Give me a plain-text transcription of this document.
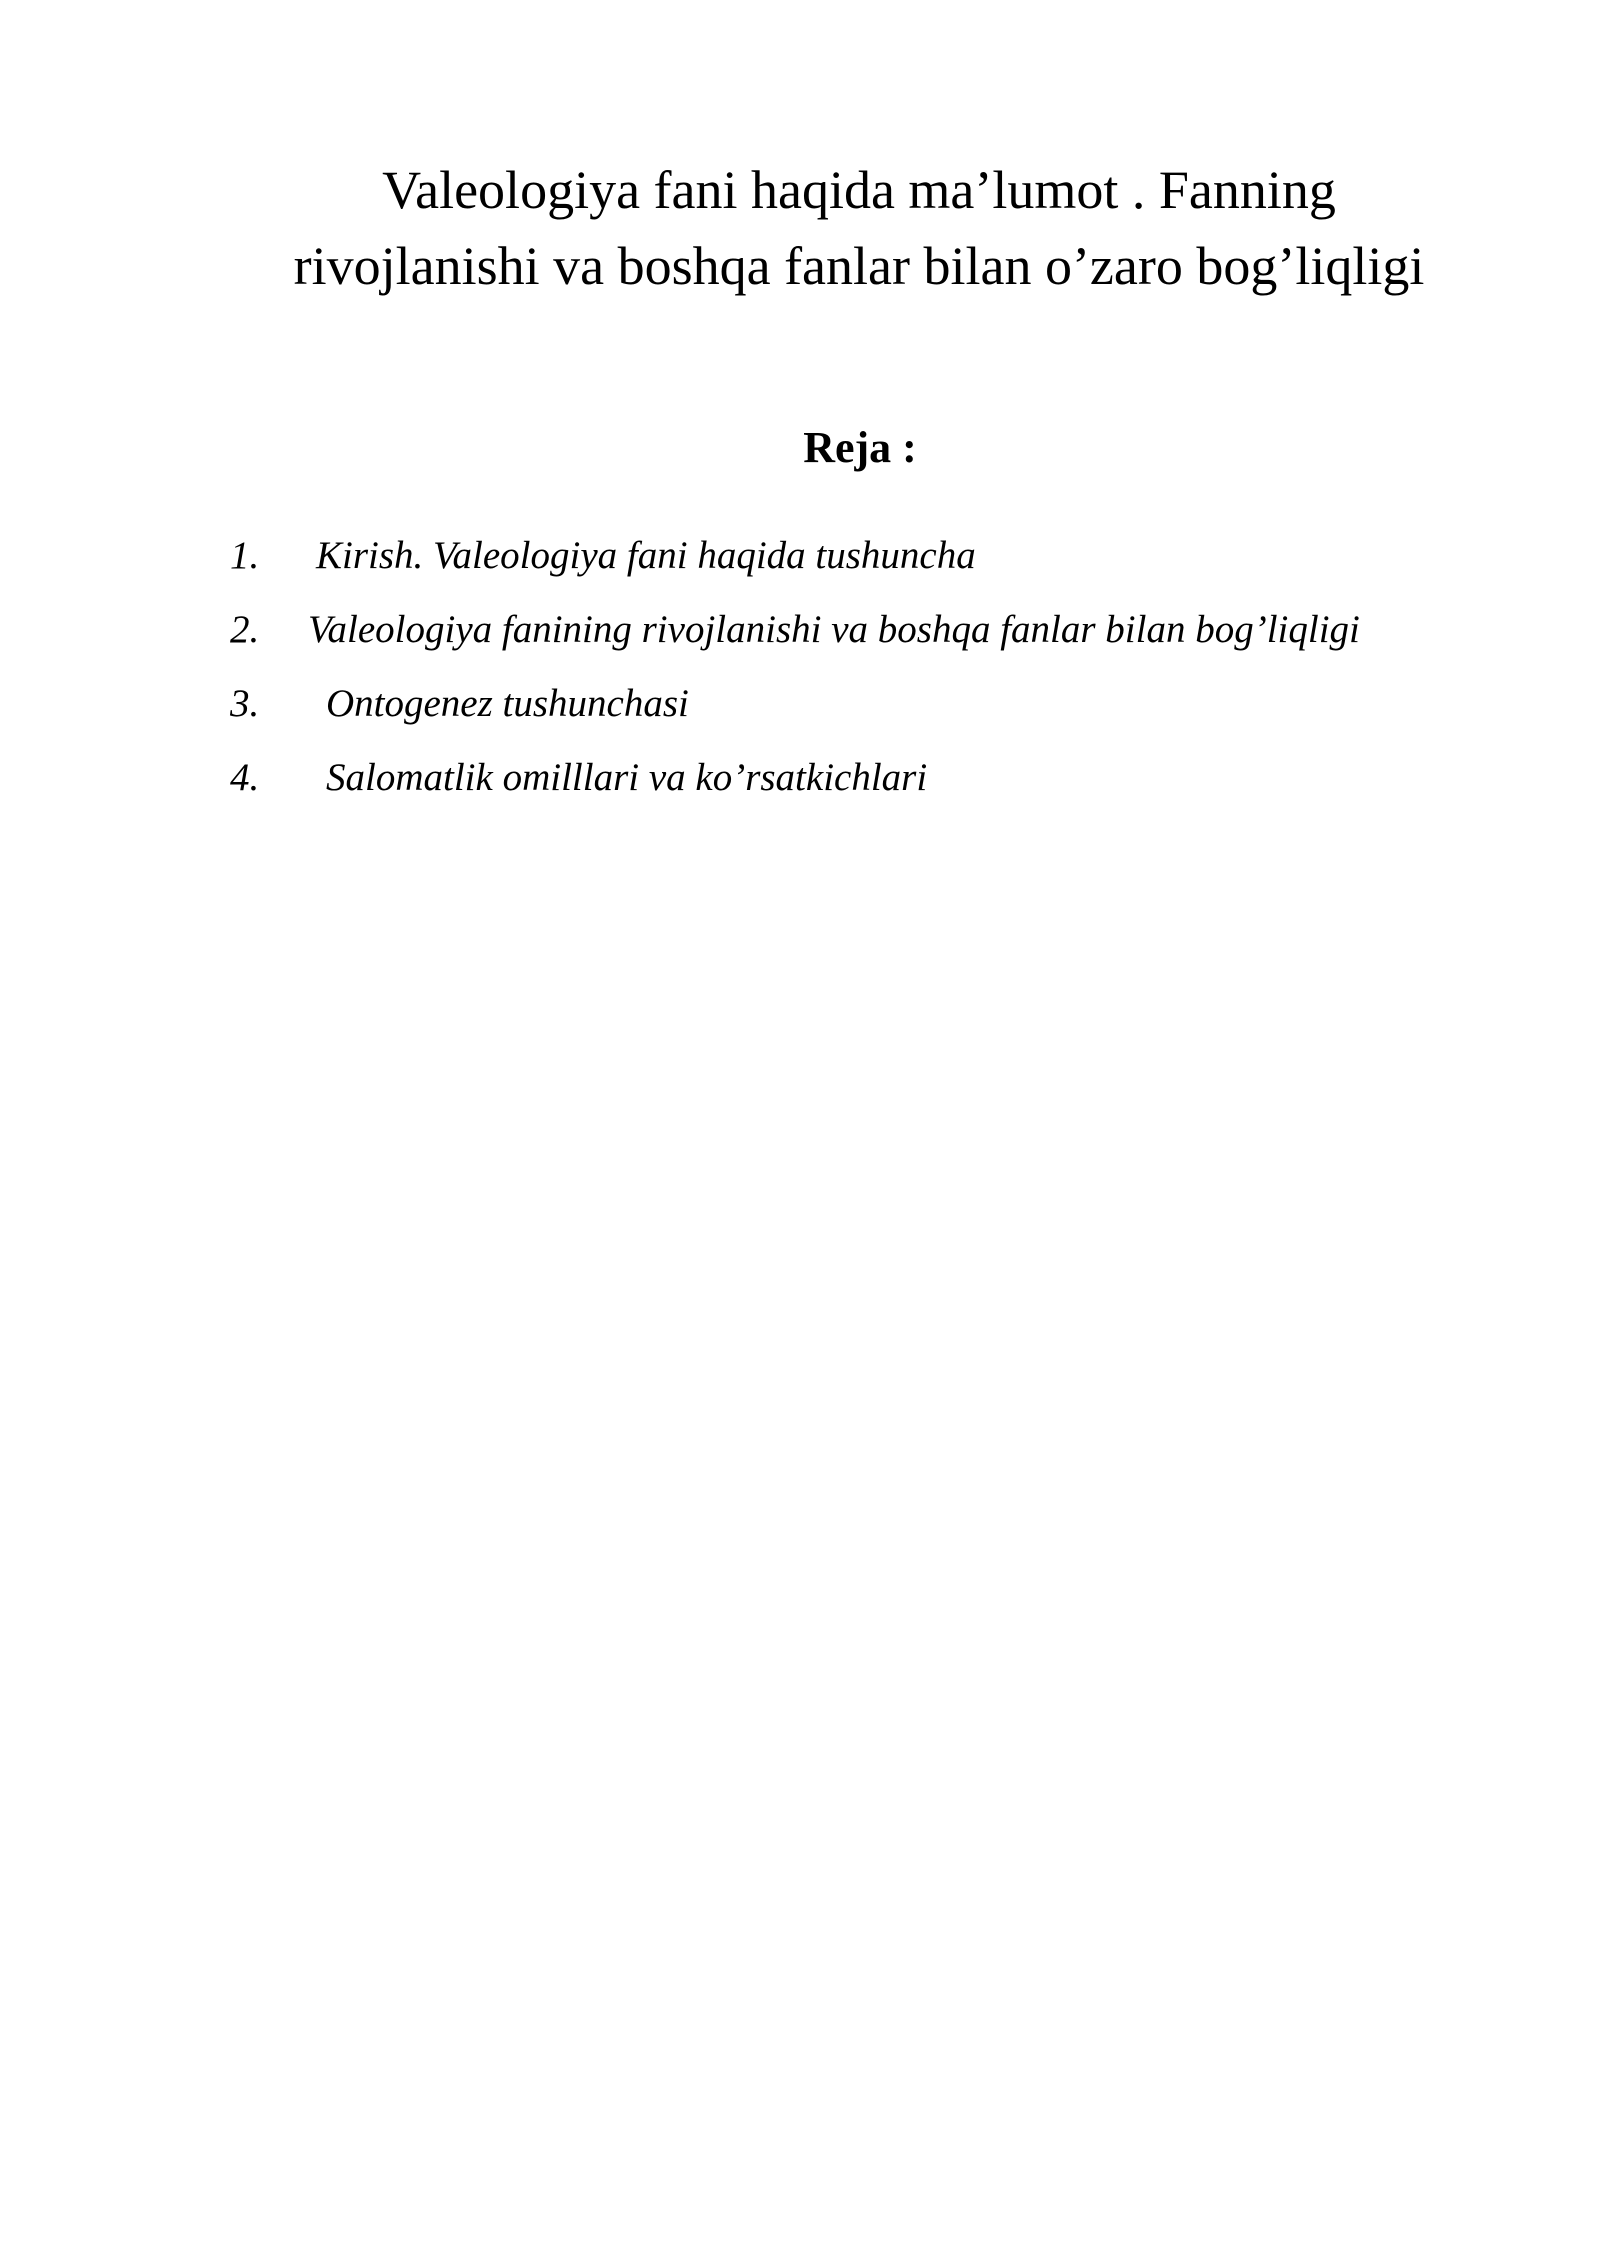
Valeologiya fani haqida ma’lumot . Fanning
rivojlanishi va boshqa fanlar bilan o’zaro bog’liqligi
Reja :
1. Kirish. Valeologiya fani haqida tushuncha
2. Valeologiya fanining rivojlanishi va boshqa fanlar bilan bog’liqligi
3. Ontogenez tushunchasi
4. Salomatlik omilllari va ko’rsatkichlari
